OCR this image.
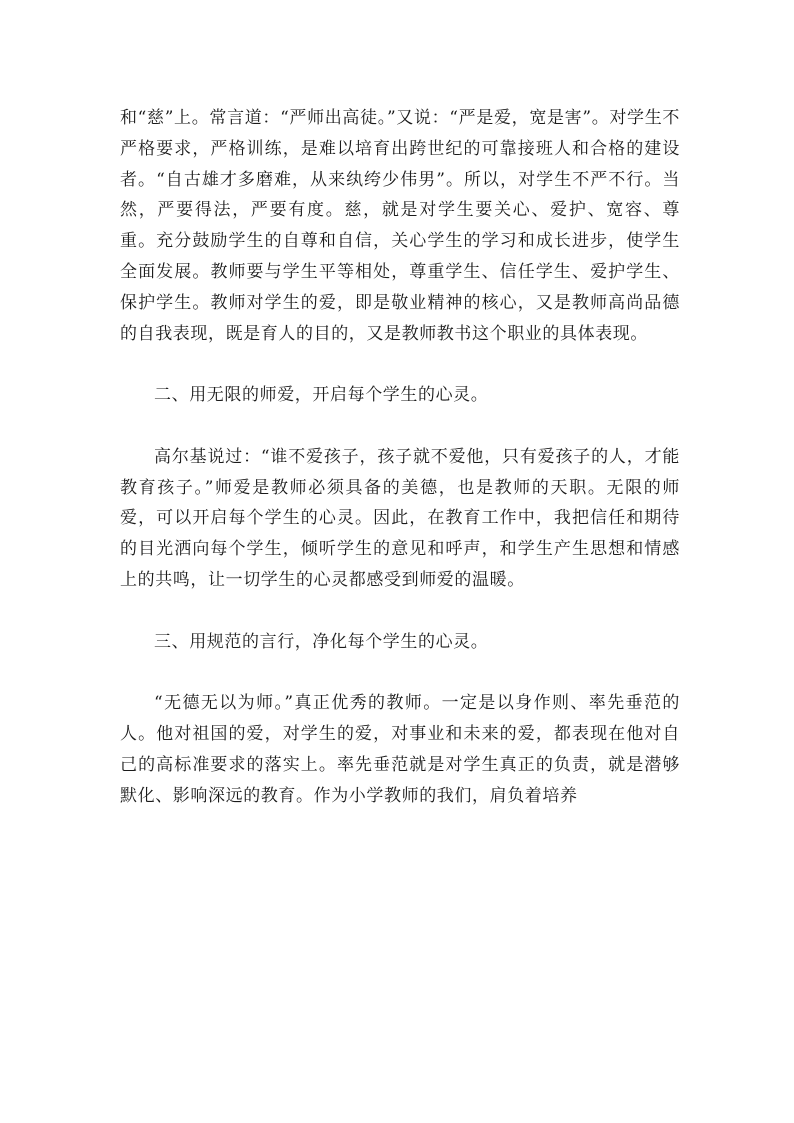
和“慈”上。常言道：“严师出高徒。”又说：“严是爱，宽是害”。对学生不严格要求，严格训练，是难以培育出跨世纪的可靠接班人和合格的建设者。“自古雄才多磨难，从来纨绔少伟男”。所以，对学生不严不行。当然，严要得法，严要有度。慈，就是对学生要关心、爱护、宽容、尊重。充分鼓励学生的自尊和自信，关心学生的学习和成长进步，使学生全面发展。教师要与学生平等相处，尊重学生、信任学生、爱护学生、保护学生。教师对学生的爱，即是敬业精神的核心，又是教师高尚品德的自我表现，既是育人的目的，又是教师教书这个职业的具体表现。

二、用无限的师爱，开启每个学生的心灵。

高尔基说过：“谁不爱孩子，孩子就不爱他，只有爱孩子的人，才能教育孩子。”师爱是教师必须具备的美德，也是教师的天职。无限的师爱，可以开启每个学生的心灵。因此，在教育工作中，我把信任和期待的目光洒向每个学生，倾听学生的意见和呼声，和学生产生思想和情感上的共鸣，让一切学生的心灵都感受到师爱的温暖。

三、用规范的言行，净化每个学生的心灵。

“无德无以为师。”真正优秀的教师。一定是以身作则、率先垂范的人。他对祖国的爱，对学生的爱，对事业和未来的爱，都表现在他对自己的高标准要求的落实上。率先垂范就是对学生真正的负责，就是潜够默化、影响深远的教育。作为小学教师的我们，肩负着培养
